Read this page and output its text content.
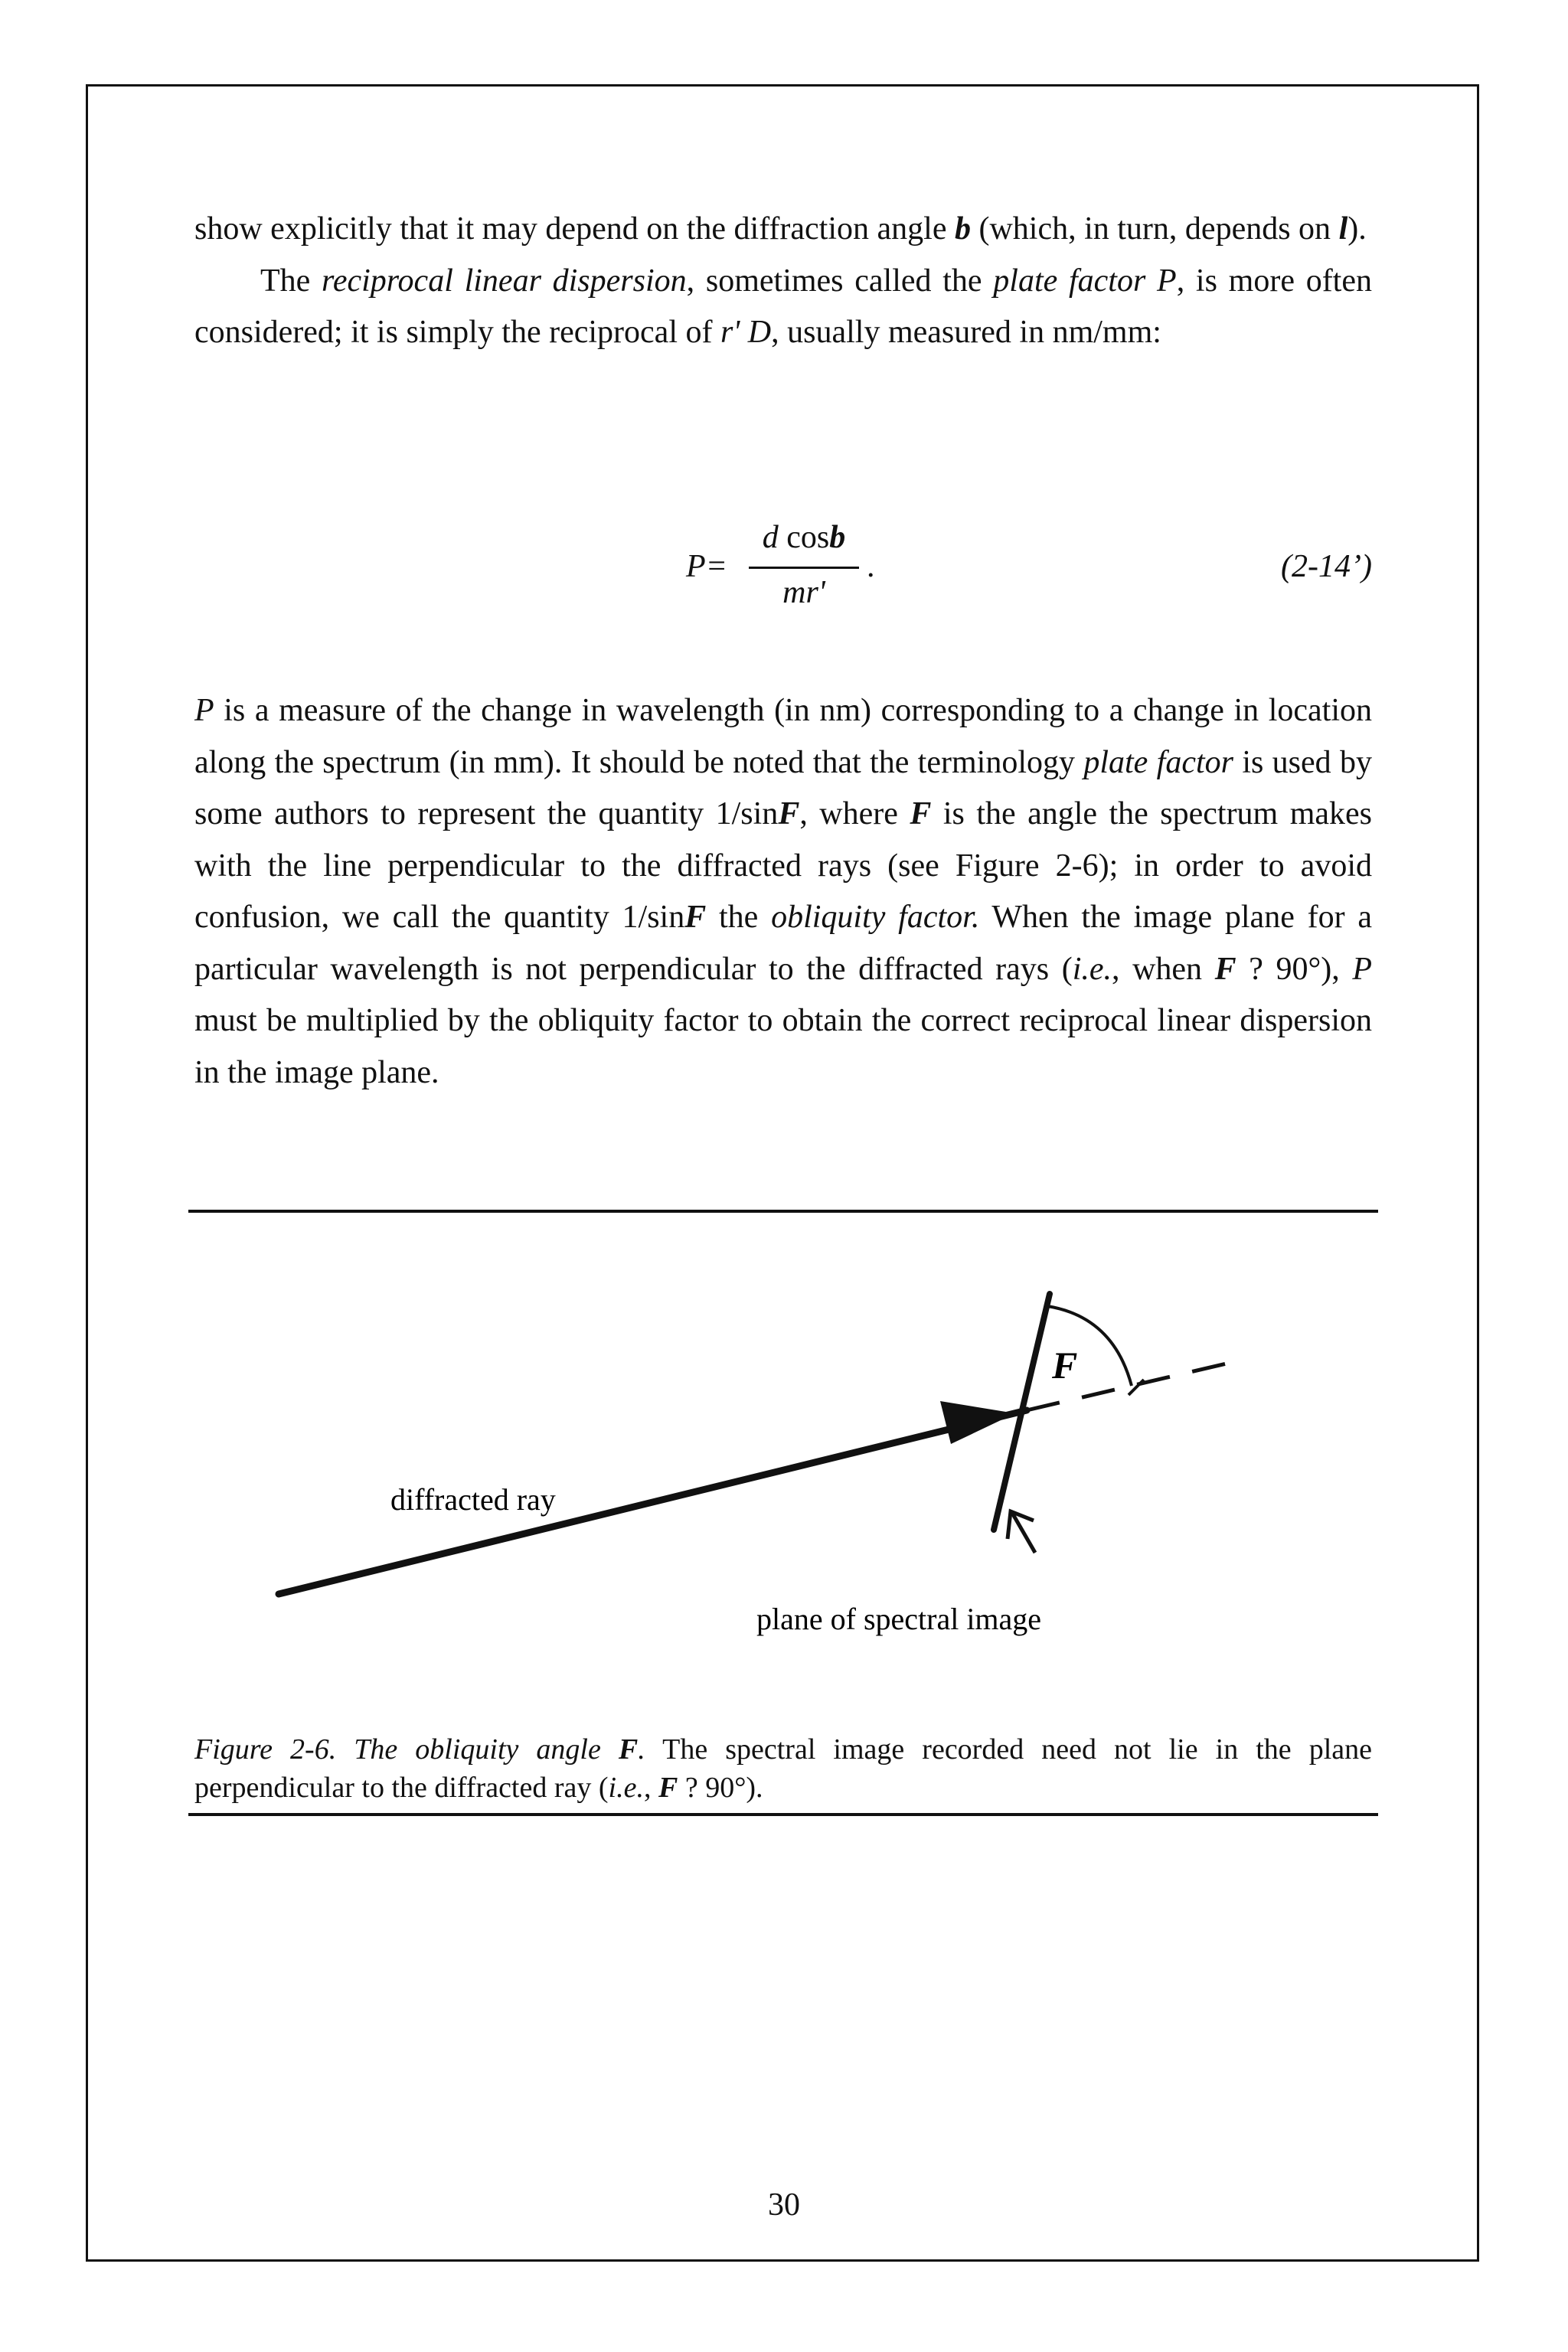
show explicitly that it may depend on the diffraction angle b (which, in turn, depends on l).

The reciprocal linear dispersion, sometimes called the plate factor P, is more often considered; it is simply the reciprocal of r' D, usually measured in nm/mm:

P=
d cosb
mr'
.	(2-14’)

P is a measure of the change in wavelength (in nm) corresponding to a change in location along the spectrum (in mm). It should be noted that the terminology plate factor is used by some authors to represent the quantity 1/sinF, where F is the angle the spectrum makes with the line perpendicular to the diffracted rays (see Figure 2-6); in order to avoid confusion, we call the quantity 1/sinF the obliquity factor. When the image plane for a particular wavelength is not perpendicular to the diffracted rays (i.e., when F ? 90°), P must be multiplied by the obliquity factor to obtain the correct reciprocal linear dispersion in the image plane.

F
diffracted ray
plane of spectral image
Figure 2-6. The obliquity angle F. The spectral image recorded need not lie in the plane perpendicular to the diffracted ray (i.e., F ? 90°).
30
